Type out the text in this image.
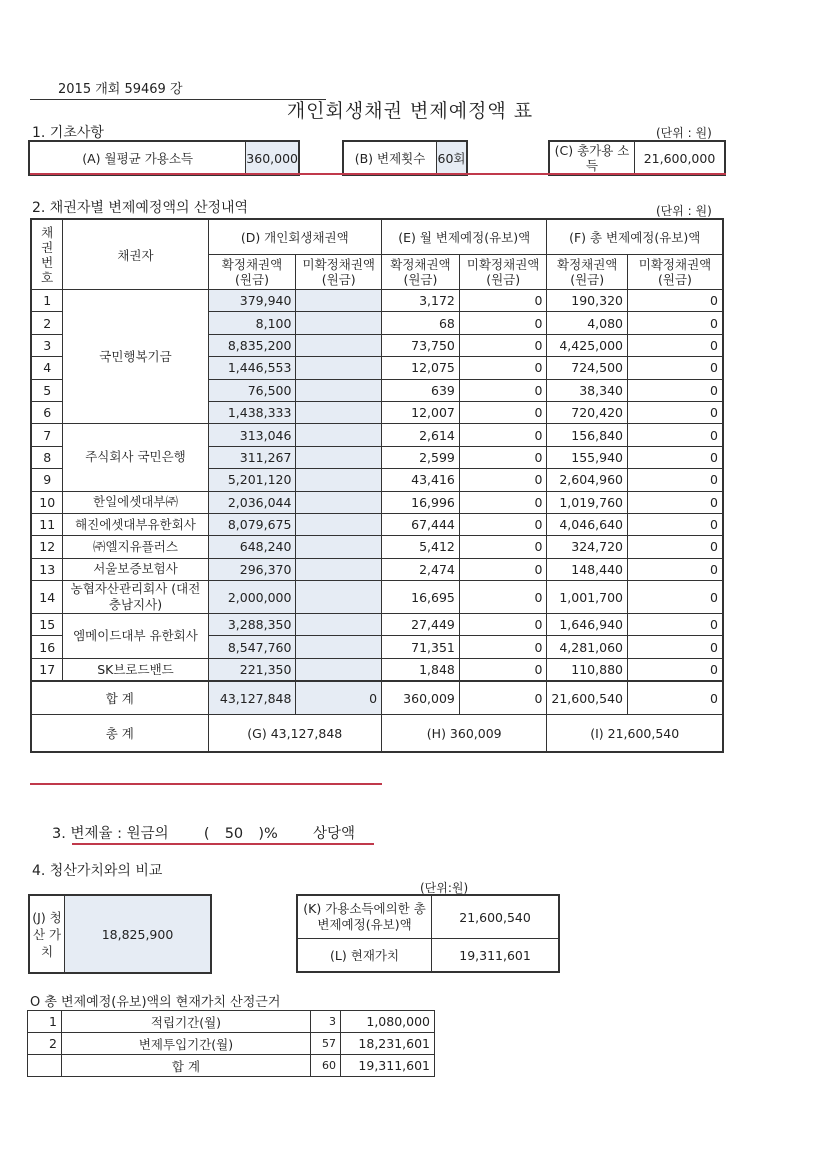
2015 개회 59469 강
개인회생채권 변제예정액 표
1. 기초사항	(단위 : 원)
(A) 월평균 가용소득	360,000	(B) 변제횟수 60회	(C) 총가용 소득	21,600,000
2. 채권자별 변제예정액의 산정내역	(단위 : 원)
채권 번호	채권자	(D) 개인회생채권액		(E) 월 변제예정(유보)액		(F) 총 변제예정(유보)액	
		확정채권액 (원금)	미확정채권액 (원금)	확정채권액 (원금)	미확정채권액 (원금)	확정채권액 (원금)	미확정채권액 (원금)
1	국민행복기금	379,940		3,172	0	190,320	0
2		8,100		68	0	4,080	0
3		8,835,200		73,750	0	4,425,000	0
4		1,446,553		12,075	0	724,500	0
5		76,500		639	0	38,340	0
6		1,438,333		12,007	0	720,420	0
7	주식회사 국민은행	313,046		2,614	0	156,840	0
8		311,267		2,599	0	155,940	0
9		5,201,120		43,416	0	2,604,960	0
10	한일에셋대부㈜	2,036,044		16,996	0	1,019,760	0
11	해진에셋대부유한회사	8,079,675		67,444	0	4,046,640	0
12	㈜엘지유플러스	648,240		5,412	0	324,720	0
13	서울보증보험사	296,370		2,474	0	148,440	0
14	농협자산관리회사 (대전충남지사)	2,000,000		16,695	0	1,001,700	0
15	엠메이드대부 유한회사	3,288,350		27,449	0	1,646,940	0
16		8,547,760		71,351	0	4,281,060	0
17	SK브로드밴드	221,350		1,848	0	110,880	0
합 계		43,127,848	0	360,009	0	21,600,540	0
총 계		(G) 43,127,848		(H) 360,009		(I) 21,600,540	
3. 변제율 : 원금의 ( 50 )% 상당액
4. 청산가치와의 비교
(단위:원)
(J) 청산 가치
18,825,900
(K) 가용소득에의한 총변제예정(유보)액	21,600,540
(L) 현재가치	19,311,601
O 총 변제예정(유보)액의 현재가치 산정근거
1	적립기간(월)	3	1,080,000
2	변제투입기간(월)	57	18,231,601
	합 계	60	19,311,601
